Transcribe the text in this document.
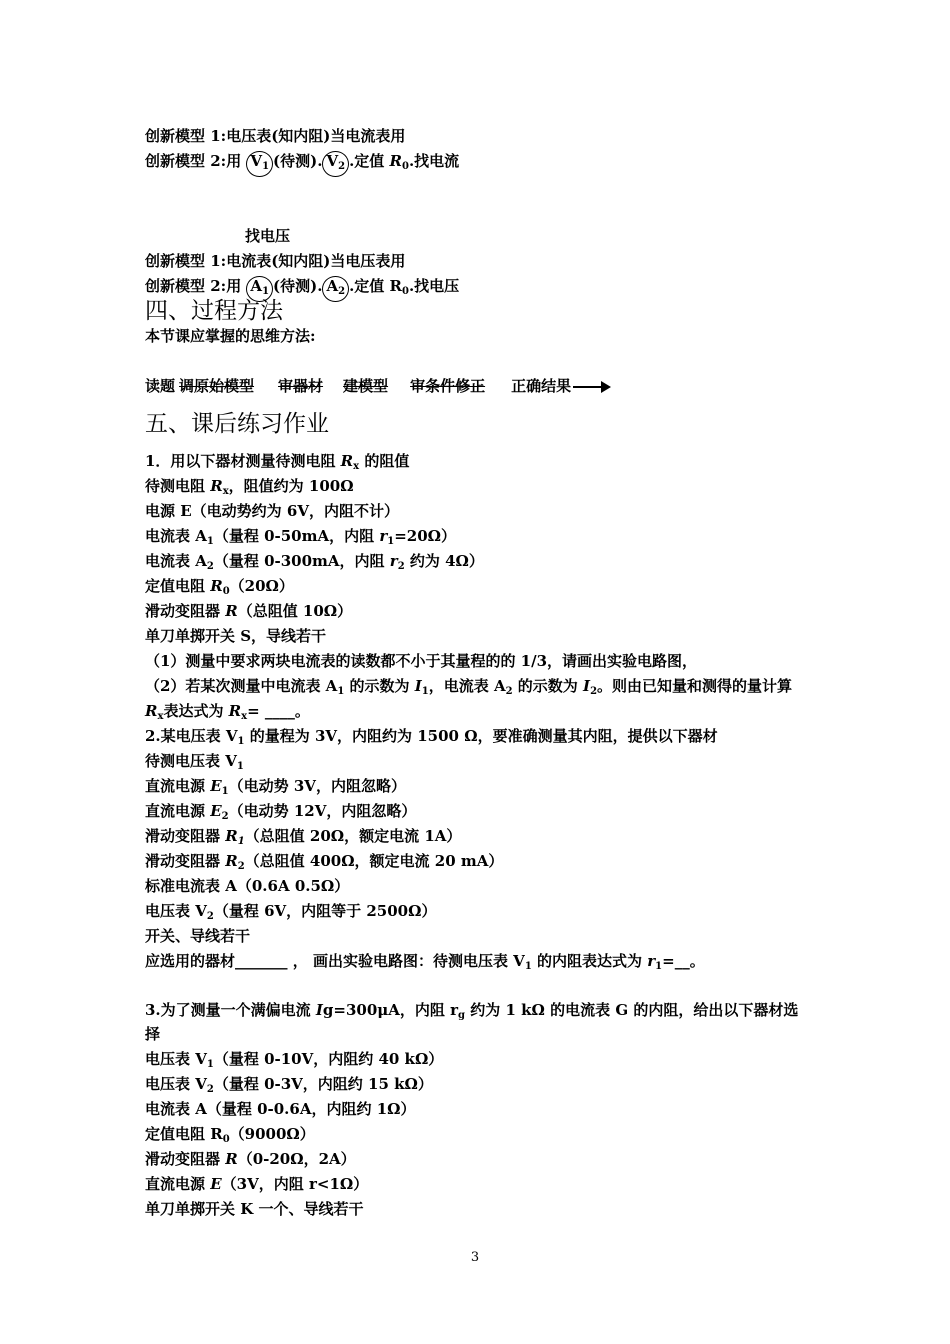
创新模型 1:电压表(知内阻)当电流表用
创新模型 2:用 $V_1$ (待测). $V_2$ .定值 $R_0$.找电流
找电压
创新模型 1:电流表(知内阻)当电压表用
创新模型 2:用 $A_1$ (待测). $A_2$ .定值 $R_0$.找电压
四、过程方法
本节课应掌握的思维方法:
读题 调原始模型 审器材 建模型 审条件修正 正确结果
五、课后练习作业
1．用以下器材测量待测电阻 $R_x$ 的阻值
待测电阻 $R_x$，阻值约为 100Ω
电源 E（电动势约为 6V，内阻不计）
电流表 $A_1$（量程 0-50mA，内阻 $r_1=20\Omega$）
电流表 $A_2$（量程 0-300mA，内阻 $r_2$ 约为 4Ω）
定值电阻 $R_0(20\Omega)$
滑动变阻器 R（总阻值 10Ω）
单刀单掷开关 S，导线若干
（1）测量中要求两块电流表的读数都不小于其量程的的 1/3，请画出实验电路图，
（2）若某次测量中电流表 $A_1$ 的示数为 $I_1$，电流表 $A_2$ 的示数为 $I_2$。则由已知量和测得的量计算
$R_x$表达式为 $R_x=$ ____。
2.某电压表 $V_1$ 的量程为 3V，内阻约为 1500 Ω，要准确测量其内阻，提供以下器材
待测电压表 $V_1$
直流电源 $E_1$（电动势 3V，内阻忽略）
直流电源 $E_2$（电动势 12V，内阻忽略）
滑动变阻器 $R_1$（总阻值 20Ω，额定电流 1A）
滑动变阻器 $R_2$（总阻值 400Ω，额定电流 20 mA）
标准电流表 A（0.6A 0.5Ω）
电压表 $V_2$（量程 6V，内阻等于 2500Ω）
开关、导线若干
应选用的器材_______ ， 画出实验电路图：待测电压表 $V_1$ 的内阻表达式为 $r_1=\_\_$。
3.为了测量一个满偏电流 Ig=300μA，内阻 $r_g$ 约为 1 kΩ 的电流表 G 的内阻，给出以下器材选
择
电压表 $V_1$（量程 0-10V，内阻约 40 kΩ）
电压表 $V_2$（量程 0-3V，内阻约 15 kΩ）
电流表 A（量程 0-0.6A，内阻约 1Ω）
定值电阻 $R_0(9000\Omega)$
滑动变阻器 R（0-20Ω，2A）
直流电源 E（3V，内阻 r<1Ω）
单刀单掷开关 K 一个、导线若干
3
